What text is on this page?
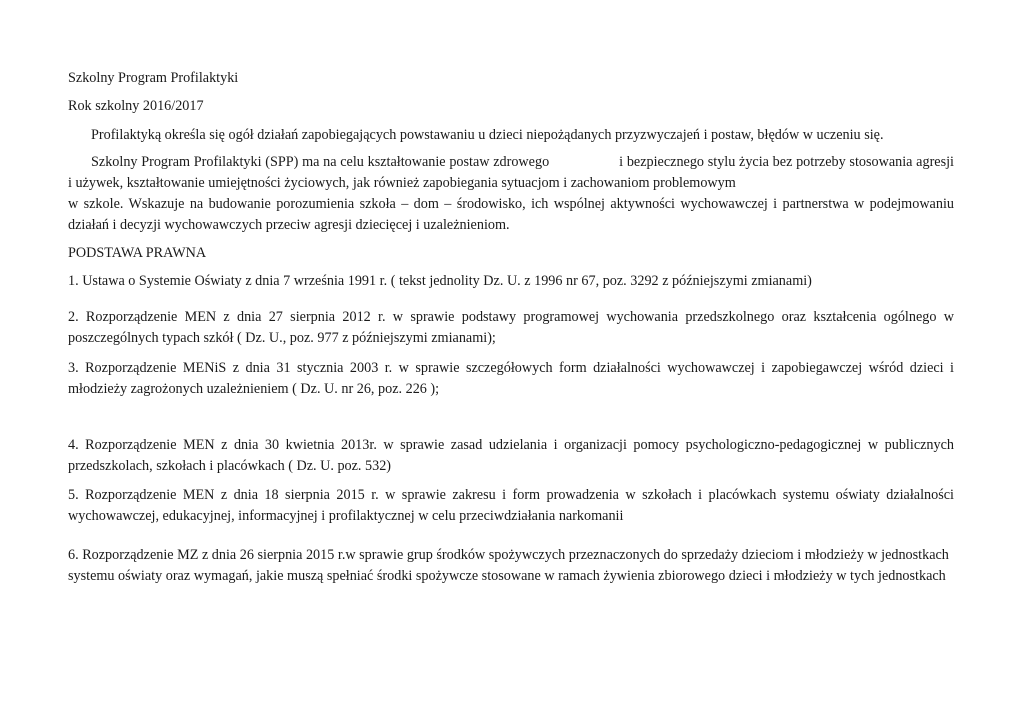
Szkolny Program Profilaktyki
Rok szkolny 2016/2017
Profilaktyką określa się ogół działań zapobiegających powstawaniu u dzieci niepożądanych przyzwyczajeń i postaw, błędów w uczeniu się.

Szkolny Program Profilaktyki (SPP) ma na celu kształtowanie postaw zdrowego	i bezpiecznego stylu życia bez potrzeby stosowania agresji i używek, kształtowanie umiejętności życiowych, jak również zapobiegania sytuacjom i zachowaniom problemowym
w szkole. Wskazuje na budowanie porozumienia szkoła – dom – środowisko, ich wspólnej aktywności wychowawczej i partnerstwa w podejmowaniu działań i decyzji wychowawczych przeciw agresji dziecięcej i uzależnieniom.

PODSTAWA PRAWNA

1. Ustawa o Systemie Oświaty z dnia 7 września 1991 r. ( tekst jednolity Dz. U. z 1996 nr 67, poz. 3292 z późniejszymi zmianami)

2. Rozporządzenie MEN z dnia 27 sierpnia 2012 r. w sprawie podstawy programowej wychowania przedszkolnego oraz kształcenia ogólnego w poszczególnych typach szkół ( Dz. U., poz. 977 z późniejszymi zmianami);

3. Rozporządzenie MENiS z dnia 31 stycznia 2003 r. w sprawie szczegółowych form działalności wychowawczej i zapobiegawczej wśród dzieci i młodzieży zagrożonych uzależnieniem ( Dz. U. nr 26, poz. 226 );

4. Rozporządzenie MEN z dnia 30 kwietnia 2013r. w sprawie zasad udzielania i organizacji pomocy psychologiczno-pedagogicznej w publicznych przedszkolach, szkołach i placówkach ( Dz. U. poz. 532)

5. Rozporządzenie MEN z dnia 18 sierpnia 2015 r. w sprawie zakresu i form prowadzenia w szkołach i placówkach systemu oświaty działalności wychowawczej, edukacyjnej, informacyjnej i profilaktycznej w celu przeciwdziałania narkomanii

6. Rozporządzenie MZ z dnia 26 sierpnia 2015 r.w sprawie grup środków spożywczych przeznaczonych do sprzedaży dzieciom i młodzieży w jednostkach systemu oświaty oraz wymagań, jakie muszą spełniać środki spożywcze stosowane w ramach żywienia zbiorowego dzieci i młodzieży w tych jednostkach
